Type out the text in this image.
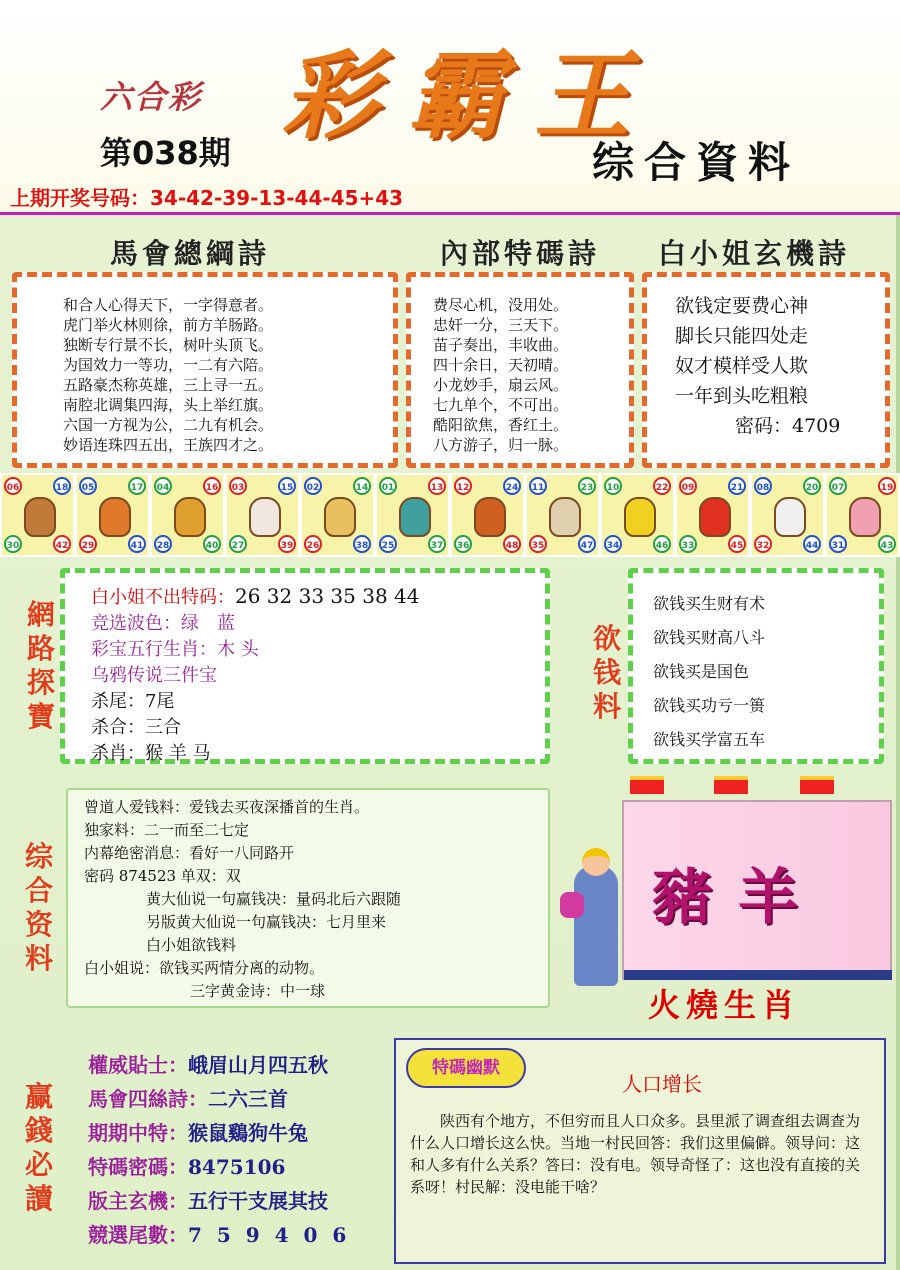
六合彩
第038期
彩霸王
综合資料
上期开奖号码：34-42-39-13-44-45+43
馬會總綱詩	內部特碼詩 白小姐玄機詩
和合人心得天下，一字得意者。
虎门举火林则徐，前方羊肠路。
独断专行景不长，树叶头顶飞。
为国效力一等功，一二有六陪。
五路豪杰称英雄，三上寻一五。
南腔北调集四海，头上举红旗。
六国一方视为公，二九有机会。
妙语连珠四五出，王族四才之。
费尽心机，没用处。
忠奸一分，三天下。
苗子奏出，丰收曲。
四十余日，天初晴。
小龙妙手，扇云风。
七九单个，不可出。
酷阳欲焦，香红土。
八方游子，归一脉。
欲钱定要费心神
脚长只能四处走
奴才模样受人欺
一年到头吃粗粮
密码：4709
06	18
30	42
05	17
29	41
04	16
28	40
03	15
27	39
02	14
26	38
01	13
25	37
12	24
36	48
11	23
35	47
10	22
34	46
09	21
33	45
08	20
32	44
07	19
31	43
網
路
探
寶
白小姐不出特码：26 32 33 35 38 44
竞选波色：绿　蓝
彩宝五行生肖：木 头
乌鸦传说三件宝
杀尾：7尾
杀合：三合
杀肖：猴 羊 马
欲
钱
料
欲钱买生财有术
欲钱买财高八斗
欲钱买是国色
欲钱买功亏一篑
欲钱买学富五车
综
合
资
料
曾道人爱钱料：爱钱去买夜深播首的生肖。
独家料：二一而至二七定
内幕绝密消息：看好一八同路开
密码 874523 单双：双
黄大仙说一句赢钱决：量码北后六跟随
另版黄大仙说一句赢钱决：七月里来
白小姐欲钱料
白小姐说：欲钱买两情分离的动物。
三字黄金诗：中一球
豬羊
火燒生肖
赢
錢
必
讀
權威貼士：峨眉山月四五秋
馬會四絲詩：二六三首
期期中特：猴鼠鷄狗牛兔
特碼密碼：8475106
版主玄機：五行干支展其技
競選尾數：7 5 9 4 0 6
特碼幽默
人口增长
陕西有个地方，不但穷而且人口众多。县里派了调查组去调查为什么人口增长这么快。当地一村民回答：我们这里偏僻。领导问：这和人多有什么关系？答曰：没有电。领导奇怪了：这也没有直接的关系呀！村民解：没电能干啥？
